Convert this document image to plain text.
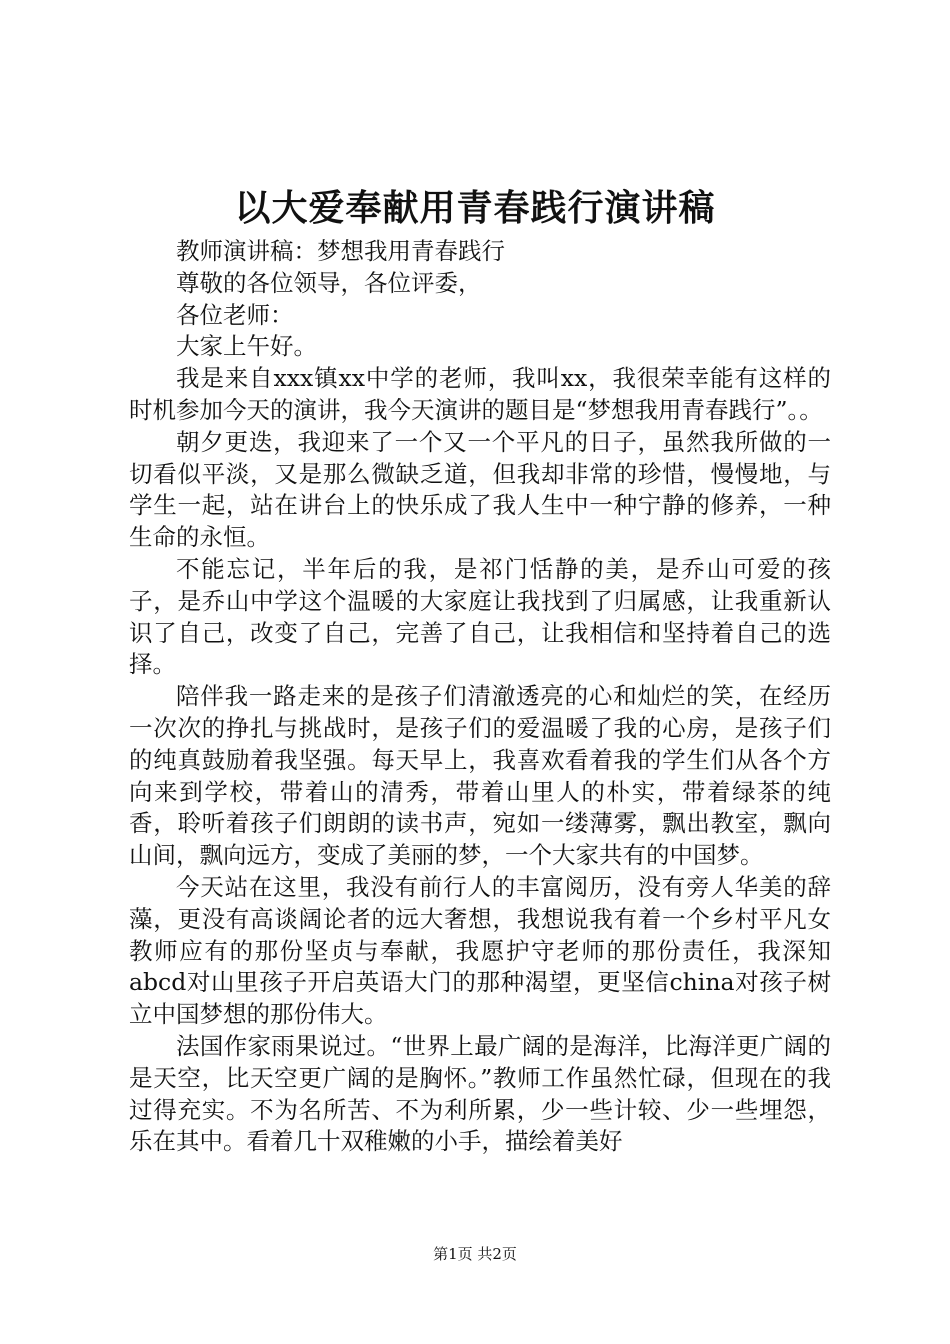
以大爱奉献用青春践行演讲稿

教师演讲稿：梦想我用青春践行

尊敬的各位领导，各位评委，

各位老师：

大家上午好。

我是来自xxx镇xx中学的老师，我叫xx，我很荣幸能有这样的时机参加今天的演讲，我今天演讲的题目是“梦想我用青春践行”。。

朝夕更迭，我迎来了一个又一个平凡的日子，虽然我所做的一切看似平淡，又是那么微缺乏道，但我却非常的珍惜，慢慢地，与学生一起，站在讲台上的快乐成了我人生中一种宁静的修养，一种生命的永恒。

不能忘记，半年后的我，是祁门恬静的美，是乔山可爱的孩子，是乔山中学这个温暖的大家庭让我找到了归属感，让我重新认识了自己，改变了自己，完善了自己，让我相信和坚持着自己的选择。

陪伴我一路走来的是孩子们清澈透亮的心和灿烂的笑，在经历一次次的挣扎与挑战时，是孩子们的爱温暖了我的心房，是孩子们的纯真鼓励着我坚强。每天早上，我喜欢看着我的学生们从各个方向来到学校，带着山的清秀，带着山里人的朴实，带着绿茶的纯香，聆听着孩子们朗朗的读书声，宛如一缕薄雾，飘出教室，飘向山间，飘向远方，变成了美丽的梦，一个大家共有的中国梦。

今天站在这里，我没有前行人的丰富阅历，没有旁人华美的辞藻，更没有高谈阔论者的远大奢想，我想说我有着一个乡村平凡女教师应有的那份坚贞与奉献，我愿护守老师的那份责任，我深知abcd对山里孩子开启英语大门的那种渴望，更坚信china对孩子树立中国梦想的那份伟大。

法国作家雨果说过。“世界上最广阔的是海洋，比海洋更广阔的是天空，比天空更广阔的是胸怀。”教师工作虽然忙碌，但现在的我过得充实。不为名所苦、不为利所累，少一些计较、少一些埋怨，乐在其中。看着几十双稚嫩的小手，描绘着美好

第1页 共2页
